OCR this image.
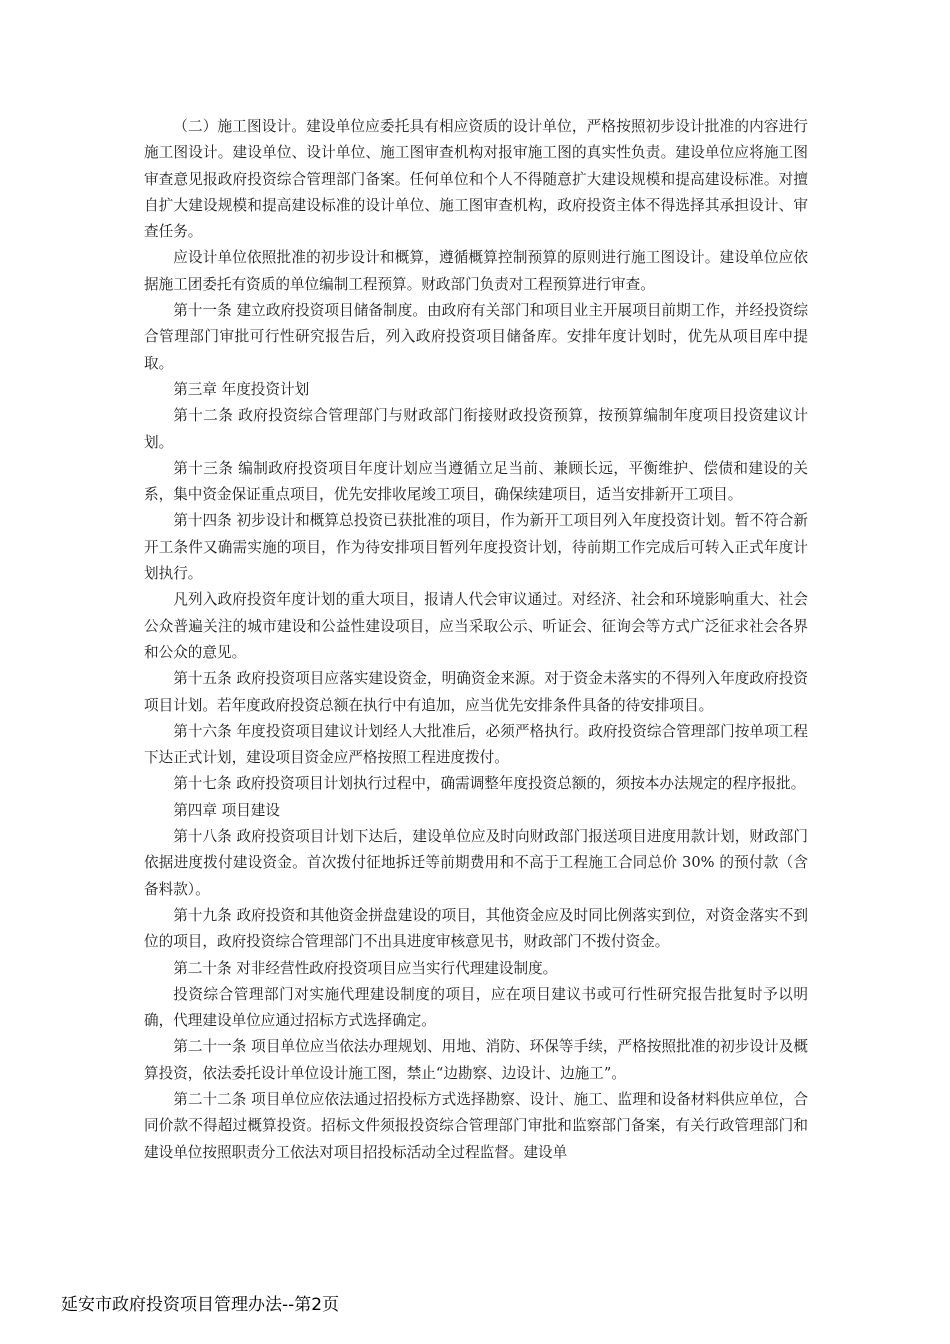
（二）施工图设计。建设单位应委托具有相应资质的设计单位，严格按照初步设计批准的内容进行施工图设计。建设单位、设计单位、施工图审查机构对报审施工图的真实性负责。建设单位应将施工图审查意见报政府投资综合管理部门备案。任何单位和个人不得随意扩大建设规模和提高建设标准。对擅自扩大建设规模和提高建设标准的设计单位、施工图审查机构，政府投资主体不得选择其承担设计、审查任务。

应设计单位依照批准的初步设计和概算，遵循概算控制预算的原则进行施工图设计。建设单位应依据施工团委托有资质的单位编制工程预算。财政部门负责对工程预算进行审查。

第十一条 建立政府投资项目储备制度。由政府有关部门和项目业主开展项目前期工作，并经投资综合管理部门审批可行性研究报告后，列入政府投资项目储备库。安排年度计划时，优先从项目库中提取。

第三章 年度投资计划

第十二条 政府投资综合管理部门与财政部门衔接财政投资预算，按预算编制年度项目投资建议计划。

第十三条 编制政府投资项目年度计划应当遵循立足当前、兼顾长远，平衡维护、偿债和建设的关系，集中资金保证重点项目，优先安排收尾竣工项目，确保续建项目，适当安排新开工项目。

第十四条 初步设计和概算总投资已获批准的项目，作为新开工项目列入年度投资计划。暂不符合新开工条件又确需实施的项目，作为待安排项目暂列年度投资计划，待前期工作完成后可转入正式年度计划执行。

凡列入政府投资年度计划的重大项目，报请人代会审议通过。对经济、社会和环境影响重大、社会公众普遍关注的城市建设和公益性建设项目，应当采取公示、听证会、征询会等方式广泛征求社会各界和公众的意见。

第十五条 政府投资项目应落实建设资金，明确资金来源。对于资金未落实的不得列入年度政府投资项目计划。若年度政府投资总额在执行中有追加，应当优先安排条件具备的待安排项目。

第十六条 年度投资项目建议计划经人大批准后，必须严格执行。政府投资综合管理部门按单项工程下达正式计划，建设项目资金应严格按照工程进度拨付。

第十七条 政府投资项目计划执行过程中，确需调整年度投资总额的，须按本办法规定的程序报批。

第四章 项目建设

第十八条 政府投资项目计划下达后，建设单位应及时向财政部门报送项目进度用款计划，财政部门依据进度拨付建设资金。首次拨付征地拆迁等前期费用和不高于工程施工合同总价 30% 的预付款（含备料款）。

第十九条 政府投资和其他资金拼盘建设的项目，其他资金应及时同比例落实到位，对资金落实不到位的项目，政府投资综合管理部门不出具进度审核意见书，财政部门不拨付资金。

第二十条 对非经营性政府投资项目应当实行代理建设制度。

投资综合管理部门对实施代理建设制度的项目，应在项目建议书或可行性研究报告批复时予以明确，代理建设单位应通过招标方式选择确定。

第二十一条 项目单位应当依法办理规划、用地、消防、环保等手续，严格按照批准的初步设计及概算投资，依法委托设计单位设计施工图，禁止“边勘察、边设计、边施工”。

第二十二条 项目单位应依法通过招投标方式选择勘察、设计、施工、监理和设备材料供应单位，合同价款不得超过概算投资。招标文件须报投资综合管理部门审批和监察部门备案，有关行政管理部门和建设单位按照职责分工依法对项目招投标活动全过程监督。建设单

延安市政府投资项目管理办法--第2页
